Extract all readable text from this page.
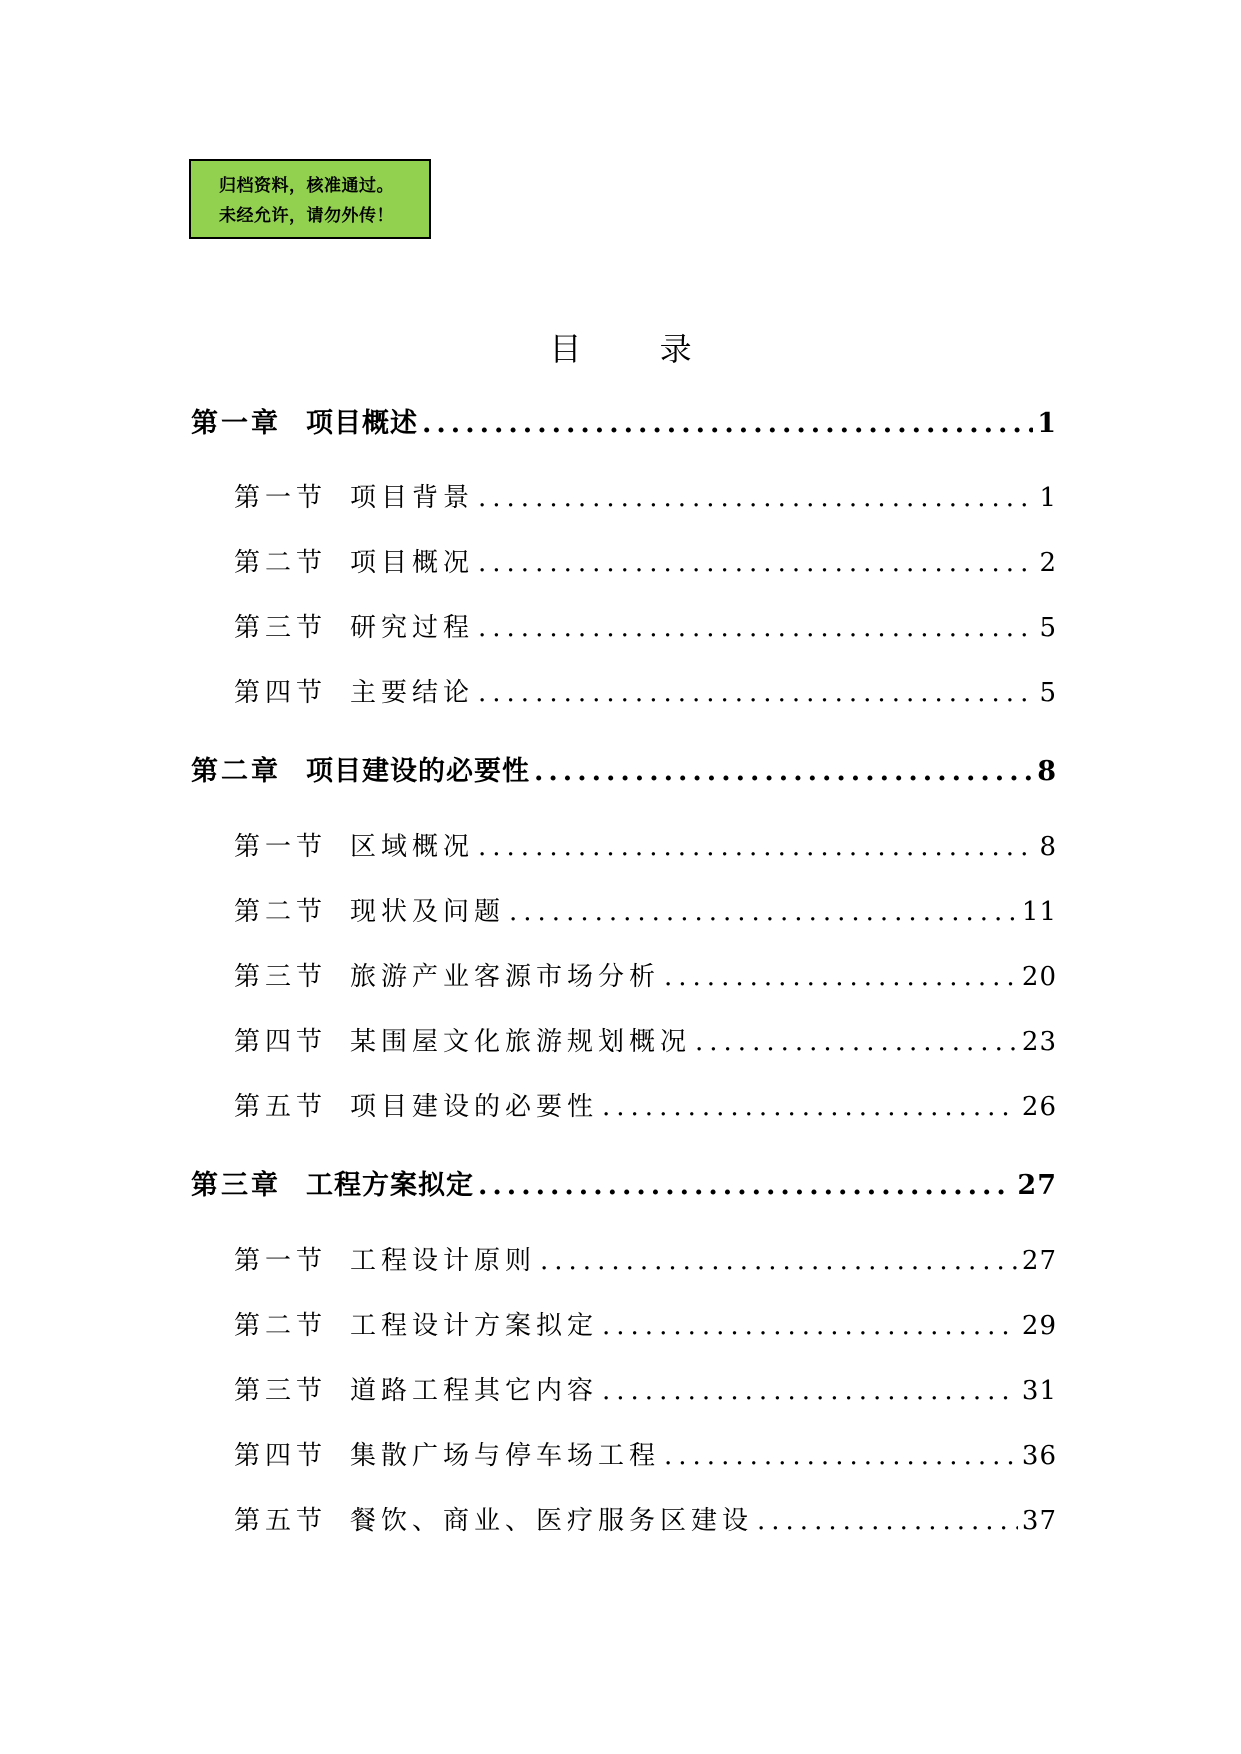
归档资料，核准通过。
未经允许，请勿外传！
目 录
第一章 项目概述 .....	1
第一节 项目背景 .....	1
第二节 项目概况 .....	2
第三节 研究过程 .....	5
第四节 主要结论 .....	5
第二章 项目建设的必要性 .....	8
第一节 区域概况 .....	8
第二节 现状及问题 .....	11
第三节 旅游产业客源市场分析 .....	20
第四节 某围屋文化旅游规划概况 .....	23
第五节 项目建设的必要性 .....	26
第三章 工程方案拟定 .....	27
第一节 工程设计原则 .....	27
第二节 工程设计方案拟定 .....	29
第三节 道路工程其它内容 .....	31
第四节 集散广场与停车场工程 .....	36
第五节 餐饮、商业、医疗服务区建设 .....	37
